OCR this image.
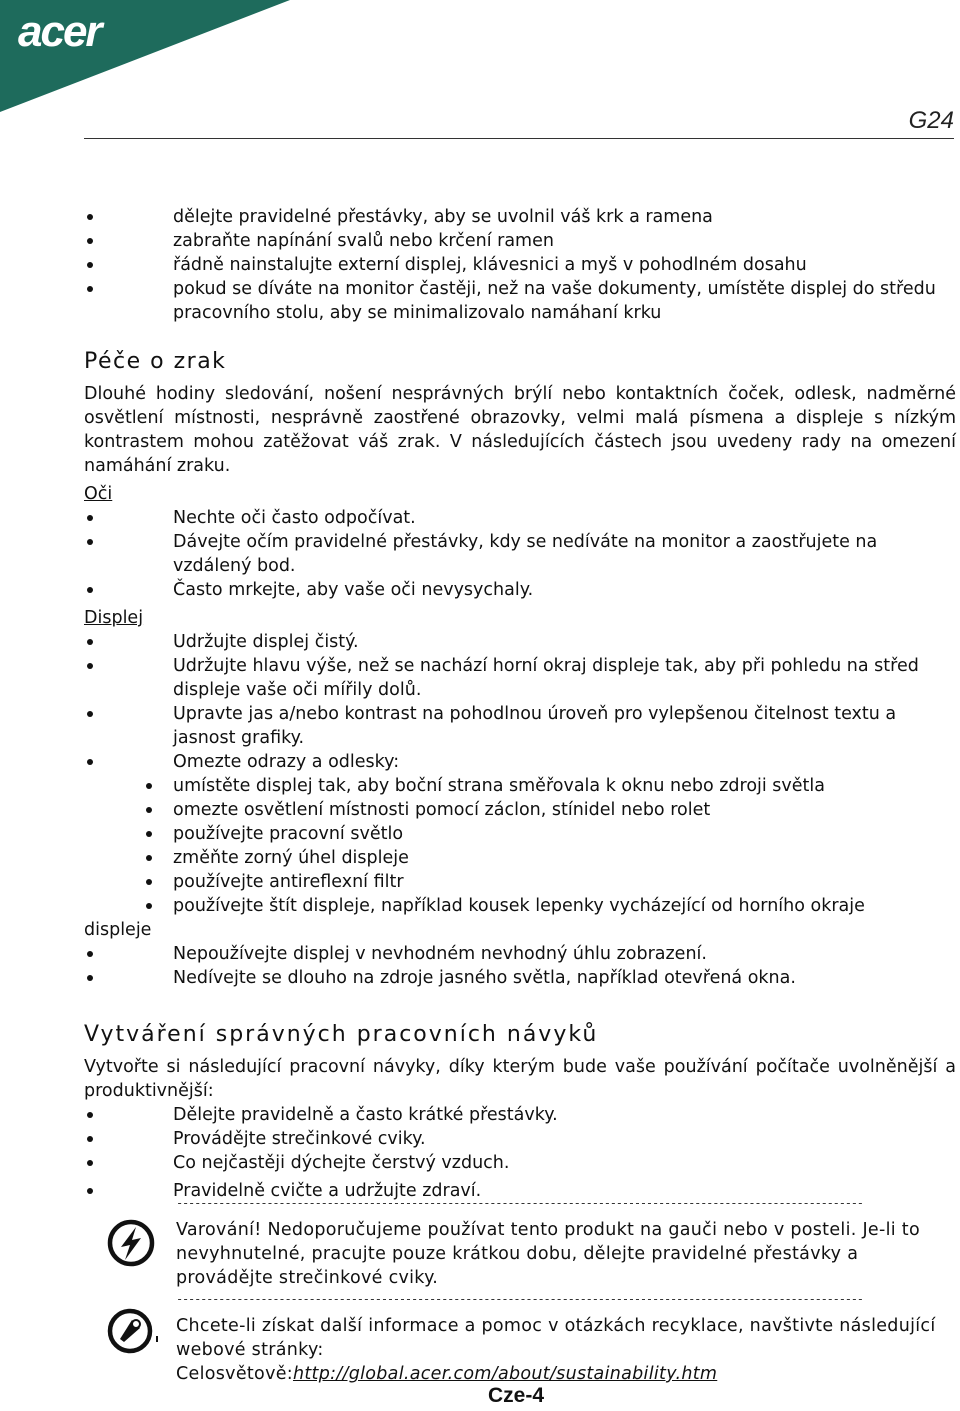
acer
G24

dělejte pravidelné přestávky, aby se uvolnil váš krk a ramena

zabraňte napínání svalů nebo krčení ramen

řádně nainstalujte externí displej, klávesnici a myš v pohodlném dosahu

pokud se díváte na monitor častěji, než na vaše dokumenty, umístěte displej do středu pracovního stolu, aby se minimalizovalo namáhaní krku

Péče o zrak

Dlouhé hodiny sledování, nošení nesprávných brýlí nebo kontaktních čoček, odlesk, nadměrné osvětlení místnosti, nesprávně zaostřené obrazovky, velmi malá písmena a displeje s nízkým kontrastem mohou zatěžovat váš zrak. V následujících částech jsou uvedeny rady na omezení namáhání zraku.

Oči

Nechte oči často odpočívat.

Dávejte očím pravidelné přestávky, kdy se nedíváte na monitor a zaostřujete na vzdálený bod.

Často mrkejte, aby vaše oči nevysychaly.

Displej

Udržujte displej čistý.

Udržujte hlavu výše, než se nachází horní okraj displeje tak, aby při pohledu na střed displeje vaše oči mířily dolů.

Upravte jas a/nebo kontrast na pohodlnou úroveň pro vylepšenou čitelnost textu a jasnost grafiky.

Omezte odrazy a odlesky:

umístěte displej tak, aby boční strana směřovala k oknu nebo zdroji světla

omezte osvětlení místnosti pomocí záclon, stínidel nebo rolet

používejte pracovní světlo

změňte zorný úhel displeje

používejte antireflexní filtr

používejte štít displeje, například kousek lepenky vycházející od horního okraje

displeje

Nepoužívejte displej v nevhodném nevhodný úhlu zobrazení.

Nedívejte se dlouho na zdroje jasného světla, například otevřená okna.

Vytváření správných pracovních návyků

Vytvořte si následující pracovní návyky, díky kterým bude vaše používání počítače uvolněnější a produktivnější:

Dělejte pravidelně a často krátké přestávky.

Provádějte strečinkové cviky.

Co nejčastěji dýchejte čerstvý vzduch.

Pravidelně cvičte a udržujte zdraví.

------------------------------------------------------------------------------------------------------------------
Varování! Nedoporučujeme používat tento produkt na gauči nebo v posteli. Je-li to nevyhnutelné, pracujte pouze krátkou dobu, dělejte pravidelné přestávky a provádějte strečinkové cviky.
------------------------------------------------------------------------------------------------------------------
Chcete-li získat další informace a pomoc v otázkách recyklace, navštivte následující webové stránky:
Celosvětově:http://global.acer.com/about/sustainability.htm
Cze-4
